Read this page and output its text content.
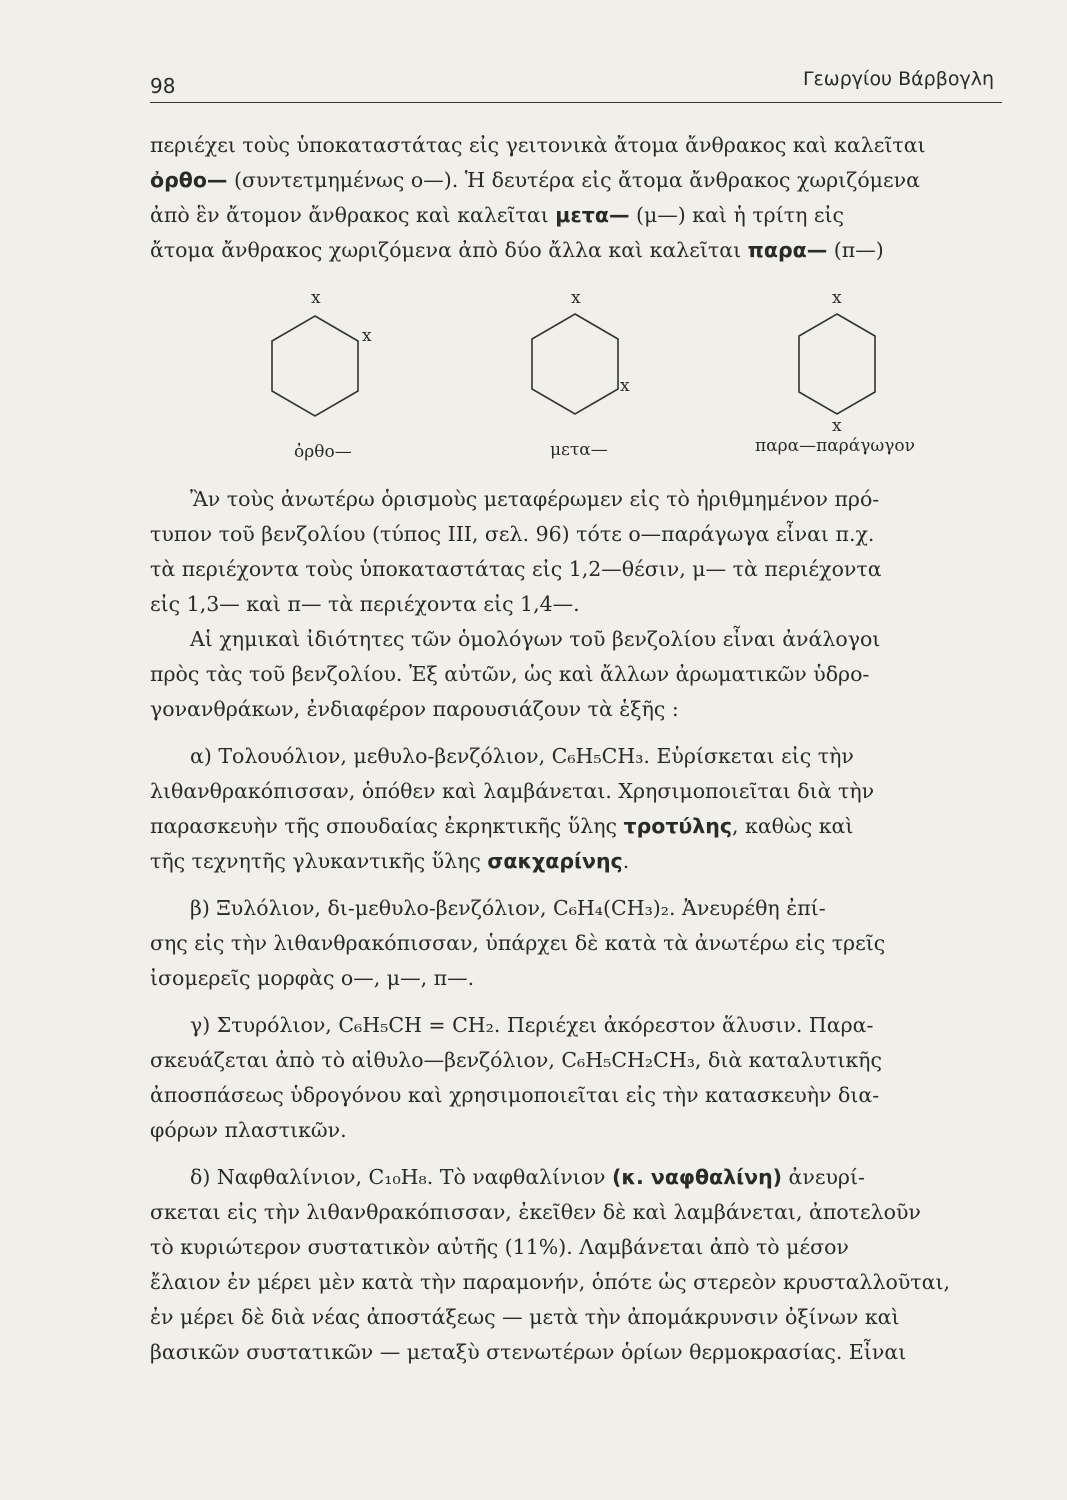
98	Γεωργίου Βάρβογλη

περιέχει τοὺς ὑποκαταστάτας εἰς γειτονικὰ ἄτομα ἄνθρακος καὶ καλεῖται

ὀρθο— (συντετμημένως ο—). Ἡ δευτέρα εἰς ἄτομα ἄνθρακος χωριζόμενα

ἀπὸ ἓν ἄτομον ἄνθρακος καὶ καλεῖται μετα— (μ—) καὶ ἡ τρίτη εἰς

ἄτομα ἄνθρακος χωριζόμενα ἀπὸ δύο ἄλλα καὶ καλεῖται παρα— (π—)

x
x
x
x
x
x
ὀρθο—	μετα—	παρα—παράγωγον

Ἂν τοὺς ἀνωτέρω ὁρισμοὺς μεταφέρωμεν εἰς τὸ ἠριθμημένον πρό-

τυπον τοῦ βενζολίου (τύπος ΙΙΙ, σελ. 96) τότε ο—παράγωγα εἶναι π.χ.

τὰ περιέχοντα τοὺς ὑποκαταστάτας εἰς 1,2—θέσιν, μ— τὰ περιέχοντα

εἰς 1,3— καὶ π— τὰ περιέχοντα εἰς 1,4—.

Αἱ χημικαὶ ἰδιότητες τῶν ὁμολόγων τοῦ βενζολίου εἶναι ἀνάλογοι

πρὸς τὰς τοῦ βενζολίου. Ἐξ αὐτῶν, ὡς καὶ ἄλλων ἀρωματικῶν ὑδρο-

γονανθράκων, ἐνδιαφέρον παρουσιάζουν τὰ ἑξῆς :

α) Τολουόλιον, μεθυλο-βενζόλιον, C₆H₅CH₃. Εὑρίσκεται εἰς τὴν

λιθανθρακόπισσαν, ὁπόθεν καὶ λαμβάνεται. Χρησιμοποιεῖται διὰ τὴν

παρασκευὴν τῆς σπουδαίας ἐκρηκτικῆς ὕλης τροτύλης, καθὼς καὶ

τῆς τεχνητῆς γλυκαντικῆς ὕλης σακχαρίνης.

β) Ξυλόλιον, δι-μεθυλο-βενζόλιον, C₆H₄(CH₃)₂. Ἀνευρέθη ἐπί-

σης εἰς τὴν λιθανθρακόπισσαν, ὑπάρχει δὲ κατὰ τὰ ἀνωτέρω εἰς τρεῖς

ἰσομερεῖς μορφὰς ο—, μ—, π—.

γ) Στυρόλιον, C₆H₅CH = CH₂. Περιέχει ἀκόρεστον ἅλυσιν. Παρα-

σκευάζεται ἀπὸ τὸ αἰθυλο—βενζόλιον, C₆H₅CH₂CH₃, διὰ καταλυτικῆς

ἀποσπάσεως ὑδρογόνου καὶ χρησιμοποιεῖται εἰς τὴν κατασκευὴν δια-

φόρων πλαστικῶν.

δ) Ναφθαλίνιον, C₁₀H₈. Τὸ ναφθαλίνιον (κ. ναφθαλίνη) ἀνευρί-

σκεται εἰς τὴν λιθανθρακόπισσαν, ἐκεῖθεν δὲ καὶ λαμβάνεται, ἀποτελοῦν

τὸ κυριώτερον συστατικὸν αὐτῆς (11%). Λαμβάνεται ἀπὸ τὸ μέσον

ἔλαιον ἐν μέρει μὲν κατὰ τὴν παραμονήν, ὁπότε ὡς στερεὸν κρυσταλλοῦται,

ἐν μέρει δὲ διὰ νέας ἀποστάξεως — μετὰ τὴν ἀπομάκρυνσιν ὀξίνων καὶ

βασικῶν συστατικῶν — μεταξὺ στενωτέρων ὁρίων θερμοκρασίας. Εἶναι
